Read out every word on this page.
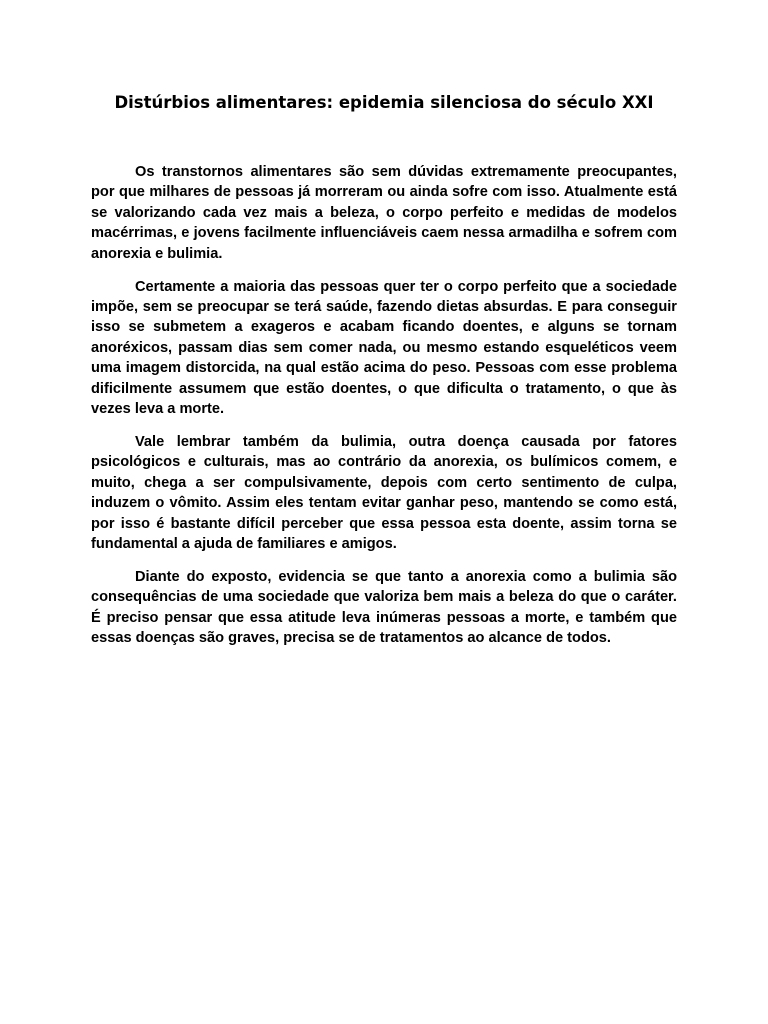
Distúrbios alimentares: epidemia silenciosa do século XXI

Os transtornos alimentares são sem dúvidas extremamente preocupantes, por que milhares de pessoas já morreram ou ainda sofre com isso. Atualmente está se valorizando cada vez mais a beleza, o corpo perfeito e medidas de modelos macérrimas, e jovens facilmente influenciáveis caem nessa armadilha e sofrem com anorexia e bulimia.

Certamente a maioria das pessoas quer ter o corpo perfeito que a sociedade impõe, sem se preocupar se terá saúde, fazendo dietas absurdas. E para conseguir isso se submetem a exageros e acabam ficando doentes, e alguns se tornam anoréxicos, passam dias sem comer nada, ou mesmo estando esqueléticos veem uma imagem distorcida, na qual estão acima do peso. Pessoas com esse problema dificilmente assumem que estão doentes, o que dificulta o tratamento, o que às vezes leva a morte.

Vale lembrar também da bulimia, outra doença causada por fatores psicológicos e culturais, mas ao contrário da anorexia, os bulímicos comem, e muito, chega a ser compulsivamente, depois com certo sentimento de culpa, induzem o vômito. Assim eles tentam evitar ganhar peso, mantendo se como está, por isso é bastante difícil perceber que essa pessoa esta doente, assim torna se fundamental a ajuda de familiares e amigos.

Diante do exposto, evidencia se que tanto a anorexia como a bulimia são consequências de uma sociedade que valoriza bem mais a beleza do que o caráter. É preciso pensar que essa atitude leva inúmeras pessoas a morte, e também que essas doenças são graves, precisa se de tratamentos ao alcance de todos.
